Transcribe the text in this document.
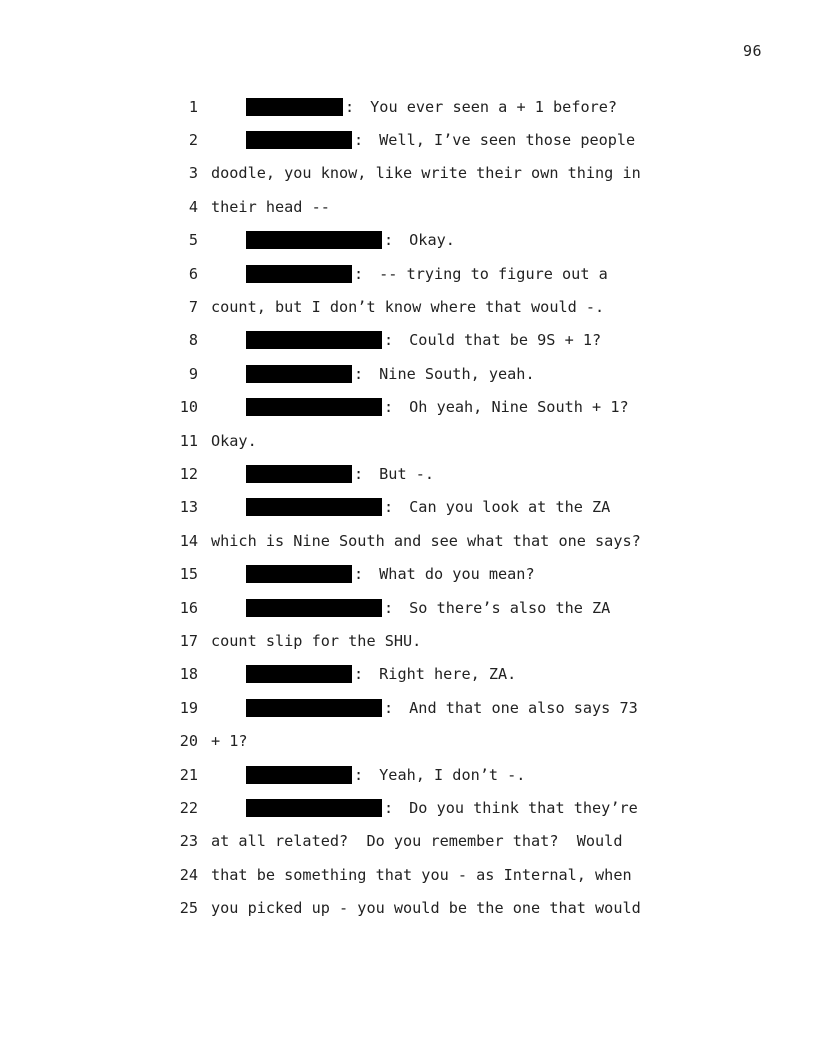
96
1	: You ever seen a + 1 before?
2	: Well, I’ve seen those people
3 doodle, you know, like write their own thing in
4 their head --
5	: Okay.
6	: -- trying to figure out a
7 count, but I don’t know where that would -.
8	: Could that be 9S + 1?
9	: Nine South, yeah.
10	: Oh yeah, Nine South + 1?
11 Okay.
12	: But -.
13	: Can you look at the ZA
14 which is Nine South and see what that one says?
15	: What do you mean?
16	: So there’s also the ZA
17 count slip for the SHU.
18	: Right here, ZA.
19	: And that one also says 73
20 + 1?
21	: Yeah, I don’t -.
22	: Do you think that they’re
23 at all related?  Do you remember that?  Would
24 that be something that you - as Internal, when
25 you picked up - you would be the one that would
